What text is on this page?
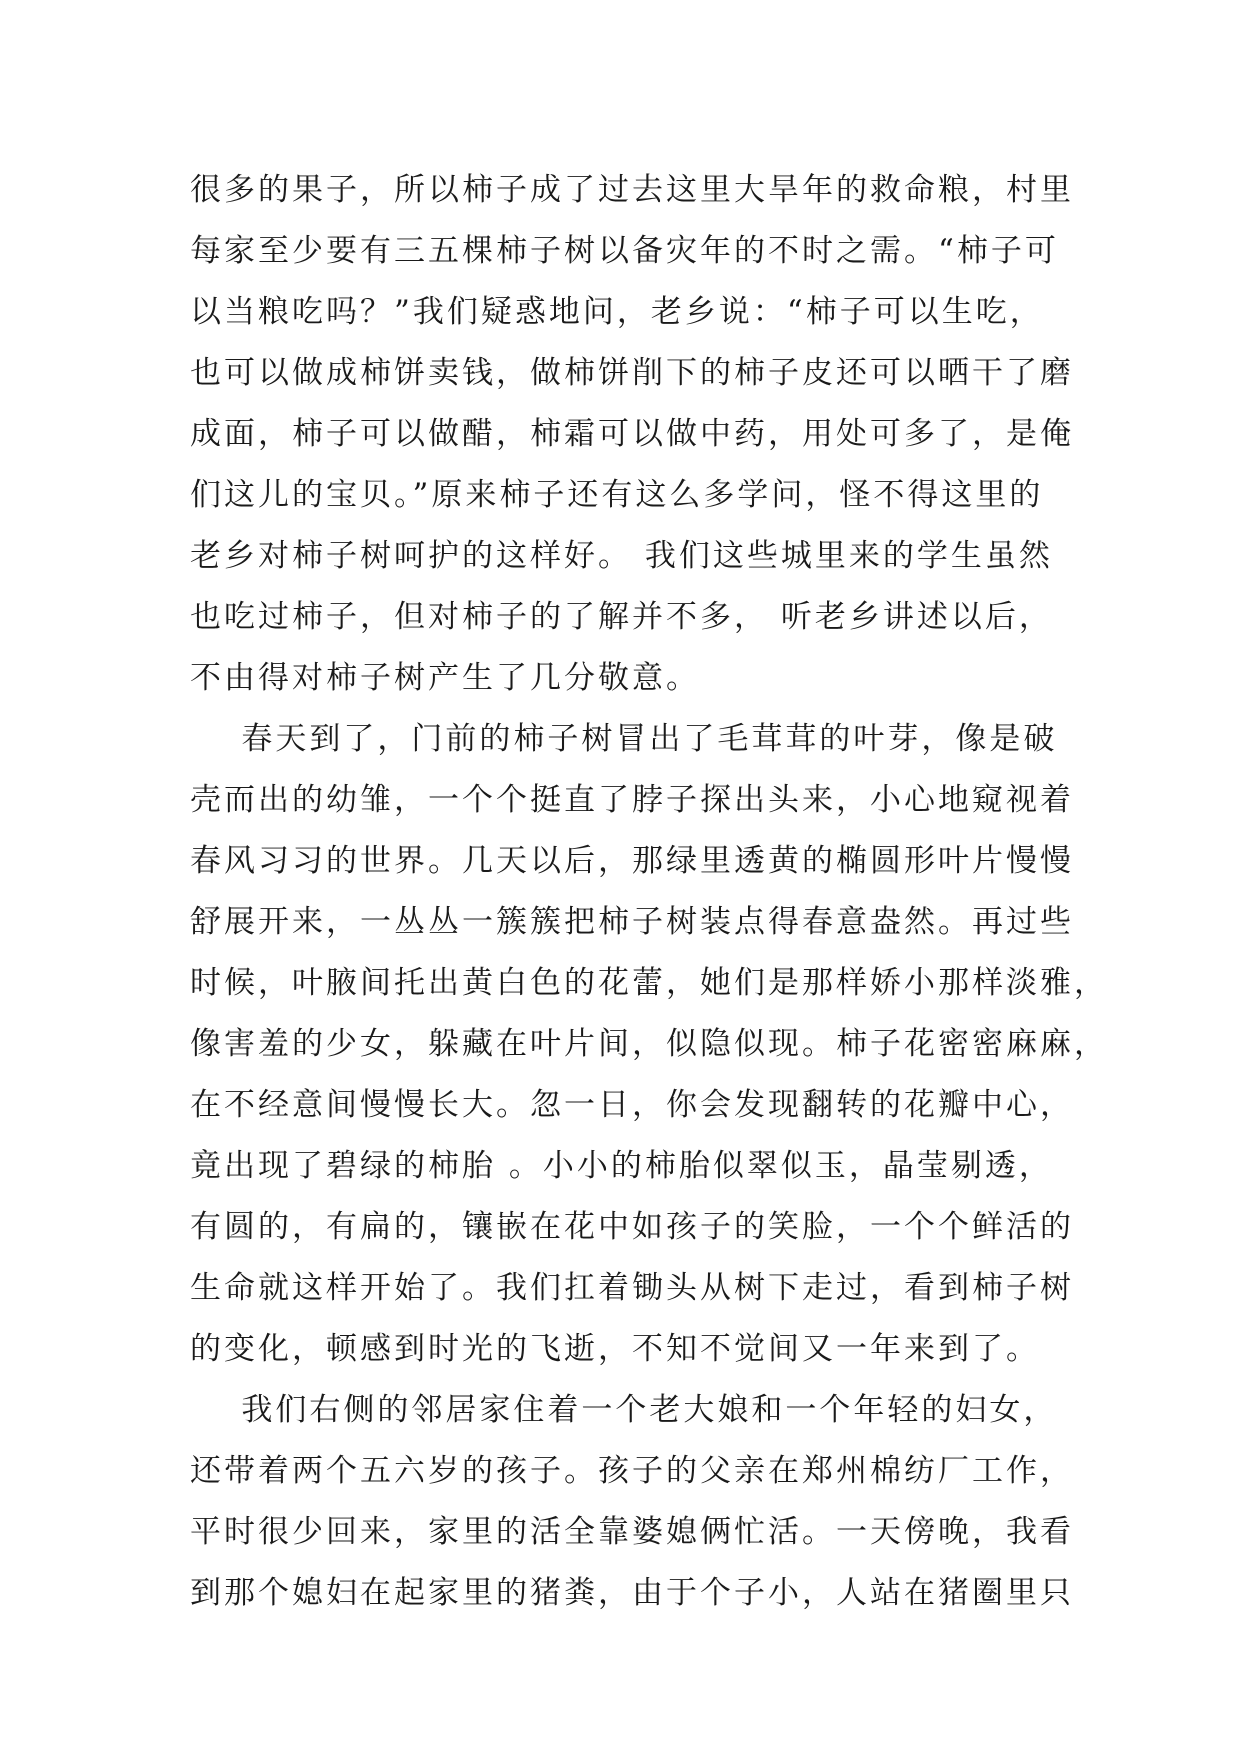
很多的果子，所以柿子成了过去这里大旱年的救命粮，村里
每家至少要有三五棵柿子树以备灾年的不时之需。“柿子可
以当粮吃吗？”我们疑惑地问，老乡说：“柿子可以生吃，
也可以做成柿饼卖钱，做柿饼削下的柿子皮还可以晒干了磨
成面，柿子可以做醋，柿霜可以做中药，用处可多了，是俺
们这儿的宝贝。”原来柿子还有这么多学问，怪不得这里的
老乡对柿子树呵护的这样好。 我们这些城里来的学生虽然
也吃过柿子，但对柿子的了解并不多， 听老乡讲述以后，
不由得对柿子树产生了几分敬意。
春天到了，门前的柿子树冒出了毛茸茸的叶芽，像是破
壳而出的幼雏，一个个挺直了脖子探出头来，小心地窥视着
春风习习的世界。几天以后，那绿里透黄的椭圆形叶片慢慢
舒展开来，一丛丛一簇簇把柿子树装点得春意盎然。再过些
时候，叶腋间托出黄白色的花蕾，她们是那样娇小那样淡雅，
像害羞的少女，躲藏在叶片间，似隐似现。柿子花密密麻麻，
在不经意间慢慢长大。忽一日，你会发现翻转的花瓣中心，
竟出现了碧绿的柿胎 。小小的柿胎似翠似玉，晶莹剔透，
有圆的，有扁的，镶嵌在花中如孩子的笑脸，一个个鲜活的
生命就这样开始了。我们扛着锄头从树下走过，看到柿子树
的变化，顿感到时光的飞逝，不知不觉间又一年来到了。
我们右侧的邻居家住着一个老大娘和一个年轻的妇女，
还带着两个五六岁的孩子。孩子的父亲在郑州棉纺厂工作，
平时很少回来，家里的活全靠婆媳俩忙活。一天傍晚，我看
到那个媳妇在起家里的猪粪，由于个子小，人站在猪圈里只
